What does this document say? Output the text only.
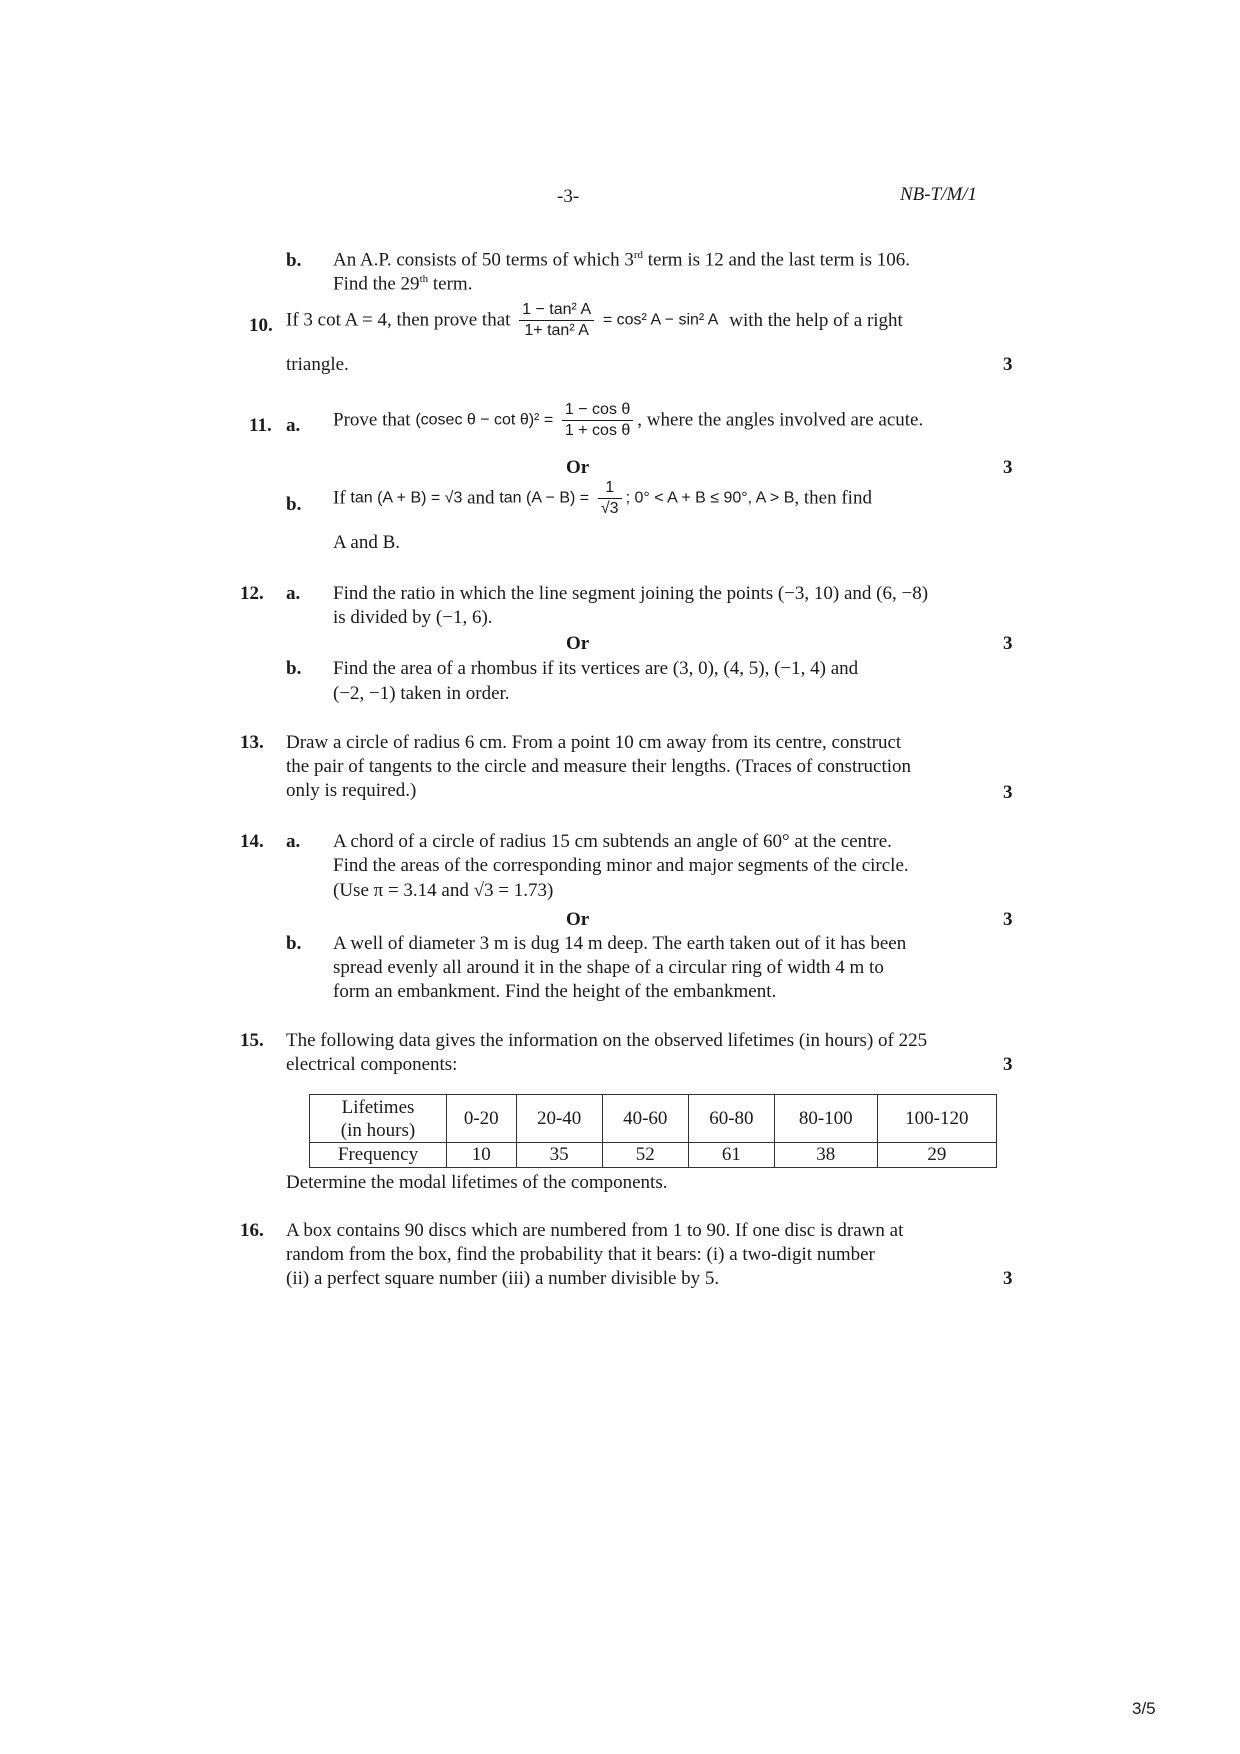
-3-	NB-T/M/1
b. An A.P. consists of 50 terms of which 3rd term is 12 and the last term is 106.
Find the 29th term.
10. If 3 cot A = 4, then prove that $\frac{\text{1 − tan² A}}{\text{1+ tan² A}} = \cos^2$ A − sin² A with the help of a right
triangle.	3
11. a. Prove that (cosec $\theta - \cot \theta)^2 = \frac{\text{1 − cos θ}}{\text{1 + cos θ}}$ , where the angles involved are acute.
Or	3
b. If tan (A + B) = √3 and $\tan (A - B) = \frac{1}{√3}$ ; 0° < A + B ≤ 90°, A > B, then find
A and B.
12. a. Find the ratio in which the line segment joining the points (−3, 10) and (6, −8)
is divided by (−1, 6).
Or	3
b. Find the area of a rhombus if its vertices are (3, 0), (4, 5), (−1, 4) and
(−2, −1) taken in order.
13. Draw a circle of radius 6 cm. From a point 10 cm away from its centre, construct
the pair of tangents to the circle and measure their lengths. (Traces of construction
only is required.)	3
14. a. A chord of a circle of radius 15 cm subtends an angle of 60° at the centre.
Find the areas of the corresponding minor and major segments of the circle.
(Use π = 3.14 and √3 = 1.73)
Or	3
b. A well of diameter 3 m is dug 14 m deep. The earth taken out of it has been
spread evenly all around it in the shape of a circular ring of width 4 m to
form an embankment. Find the height of the embankment.
15. The following data gives the information on the observed lifetimes (in hours) of 225
electrical components:	3
Lifetimes
(in hours)	0-20	20-40	40-60	60-80	80-100	100-120
Frequency	10	35	52	61	38	29
Determine the modal lifetimes of the components.
16. A box contains 90 discs which are numbered from 1 to 90. If one disc is drawn at
random from the box, find the probability that it bears: (i) a two-digit number
(ii) a perfect square number (iii) a number divisible by 5.	3
3/5
